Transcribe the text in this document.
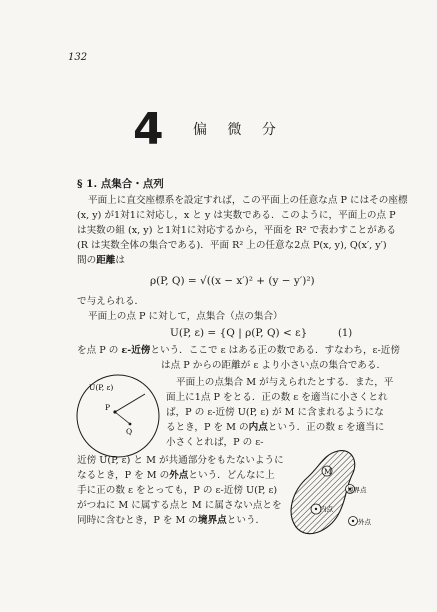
132
4 偏 微 分
§ 1. 点集合・点列
平面上に直交座標系を設定すれば，この平面上の任意な点 P にはその座標
(x, y) が1対1に対応し，x と y は実数である．このように，平面上の点 P
は実数の組 (x, y) と1対1に対応するから，平面を R² で表わすことがある
(R は実数全体の集合である)．平面 R² 上の任意な2点 P(x, y), Q(x′, y′)
間の距離は
ρ(P, Q) = √((x − x′)² + (y − y′)²)
で与えられる．
平面上の点 P に対して，点集合（点の集合）
U(P, ε) = {Q | ρ(P, Q) < ε}	(1)
を点 P の ε-近傍という．ここで ε はある正の数である．すなわち，ε-近傍
は点 P からの距離が ε より小さい点の集合である．
U(P, ε)
P
Q
平面上の点集合 M が与えられたとする．また，平
面上に1点 P をとる．正の数 ε を適当に小さくとれ
ば，P の ε-近傍 U(P, ε) が M に含まれるようにな
るとき，P を M の内点という．正の数 ε を適当に
小さくとれば，P の ε-
近傍 U(P, ε) と M が共通部分をもたないように
なるとき，P を M の外点という．どんなに上
手に正の数 ε をとっても，P の ε-近傍 U(P, ε)
がつねに M に属する点と M に属さない点とを
同時に含むとき，P を M の境界点という．
M
内点
境界点
外点
